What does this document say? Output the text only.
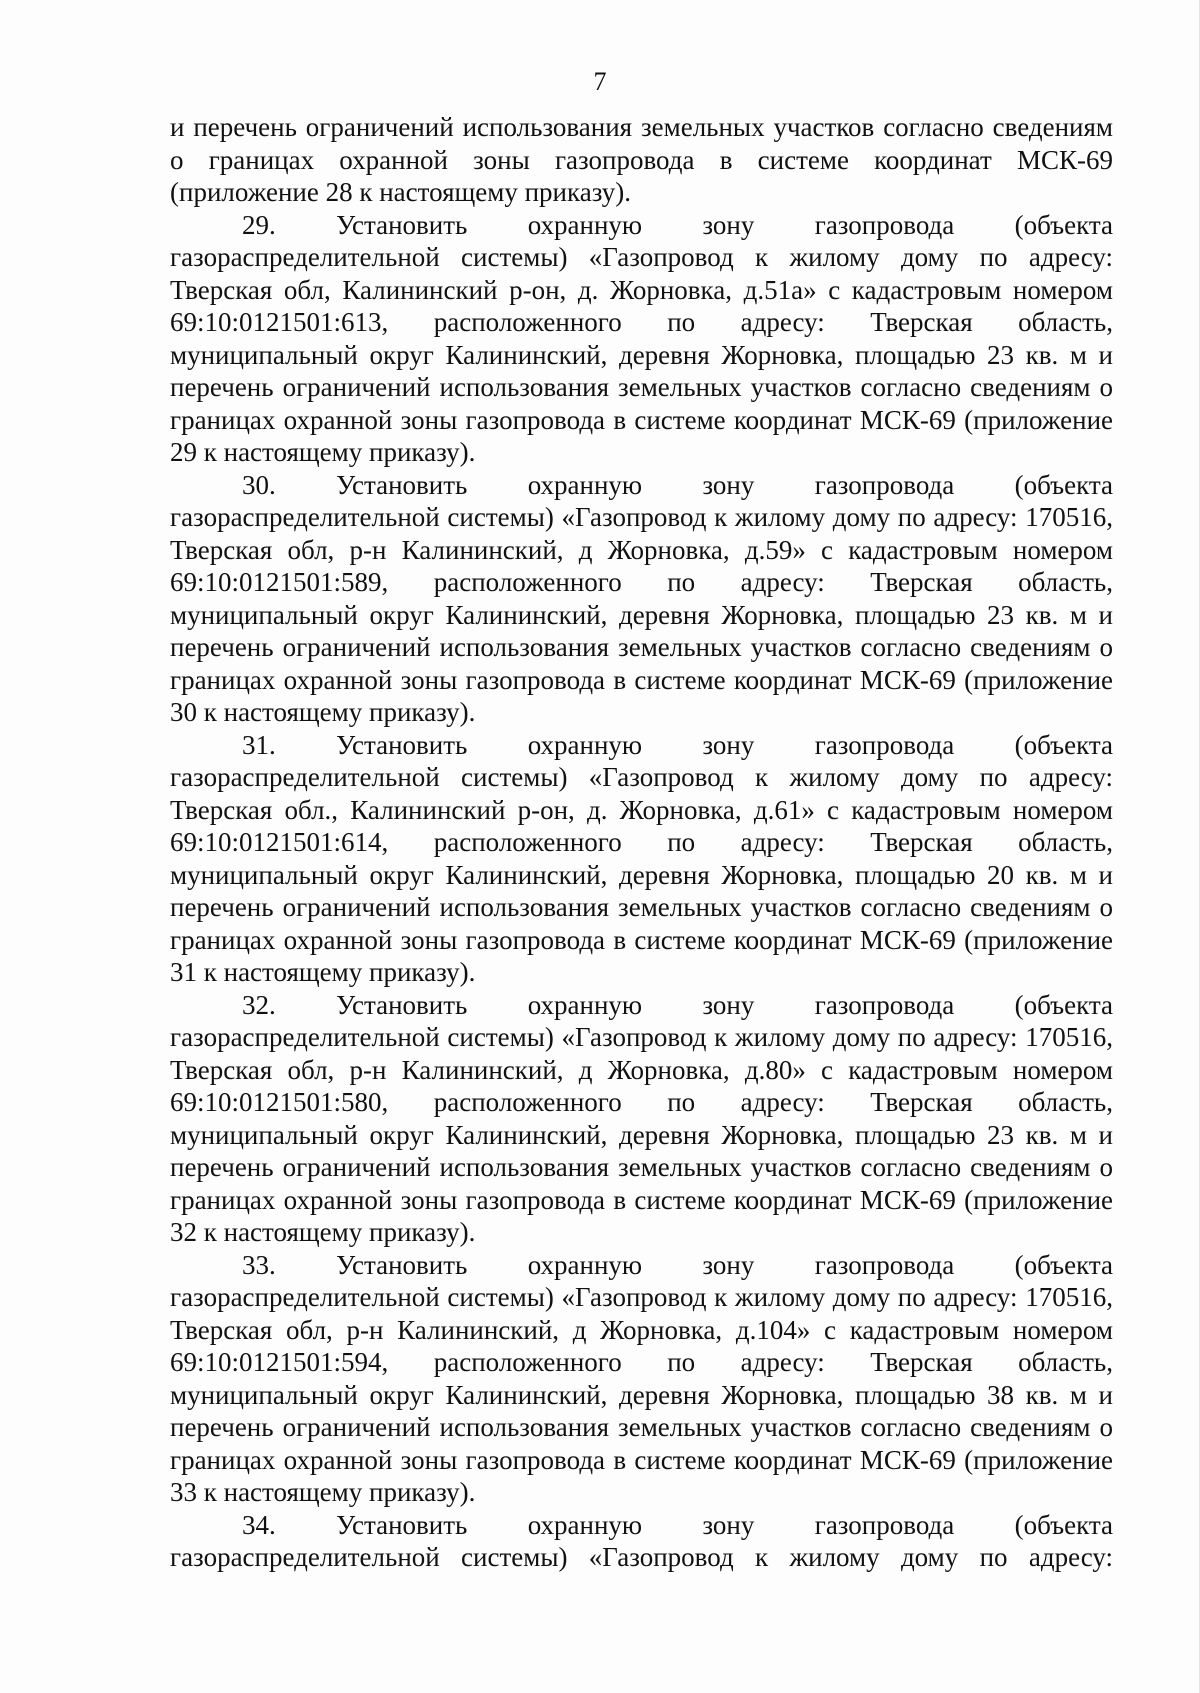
7

и перечень ограничений использования земельных участков согласно сведениям о границах охранной зоны газопровода в системе координат МСК-69 (приложение 28 к настоящему приказу).

29. Установить охранную зону газопровода (объекта газораспределительной системы) «Газопровод к жилому дому по адресу: Тверская обл, Калининский р-он, д. Жорновка, д.51а» с кадастровым номером 69:10:0121501:613, расположенного по адресу: Тверская область, муниципальный округ Калининский, деревня Жорновка, площадью 23 кв. м и перечень ограничений использования земельных участков согласно сведениям о границах охранной зоны газопровода в системе координат МСК-69 (приложение 29 к настоящему приказу).

30. Установить охранную зону газопровода (объекта газораспределительной системы) «Газопровод к жилому дому по адресу: 170516, Тверская обл, р-н Калининский, д Жорновка, д.59» с кадастровым номером 69:10:0121501:589, расположенного по адресу: Тверская область, муниципальный округ Калининский, деревня Жорновка, площадью 23 кв. м и перечень ограничений использования земельных участков согласно сведениям о границах охранной зоны газопровода в системе координат МСК-69 (приложение 30 к настоящему приказу).

31. Установить охранную зону газопровода (объекта газораспределительной системы) «Газопровод к жилому дому по адресу: Тверская обл., Калининский р-он, д. Жорновка, д.61» с кадастровым номером 69:10:0121501:614, расположенного по адресу: Тверская область, муниципальный округ Калининский, деревня Жорновка, площадью 20 кв. м и перечень ограничений использования земельных участков согласно сведениям о границах охранной зоны газопровода в системе координат МСК-69 (приложение 31 к настоящему приказу).

32. Установить охранную зону газопровода (объекта газораспределительной системы) «Газопровод к жилому дому по адресу: 170516, Тверская обл, р-н Калининский, д Жорновка, д.80» с кадастровым номером 69:10:0121501:580, расположенного по адресу: Тверская область, муниципальный округ Калининский, деревня Жорновка, площадью 23 кв. м и перечень ограничений использования земельных участков согласно сведениям о границах охранной зоны газопровода в системе координат МСК-69 (приложение 32 к настоящему приказу).

33. Установить охранную зону газопровода (объекта газораспределительной системы) «Газопровод к жилому дому по адресу: 170516, Тверская обл, р-н Калининский, д Жорновка, д.104» с кадастровым номером 69:10:0121501:594, расположенного по адресу: Тверская область, муниципальный округ Калининский, деревня Жорновка, площадью 38 кв. м и перечень ограничений использования земельных участков согласно сведениям о границах охранной зоны газопровода в системе координат МСК-69 (приложение 33 к настоящему приказу).

34. Установить охранную зону газопровода (объекта газораспределительной системы) «Газопровод к жилому дому по адресу:
